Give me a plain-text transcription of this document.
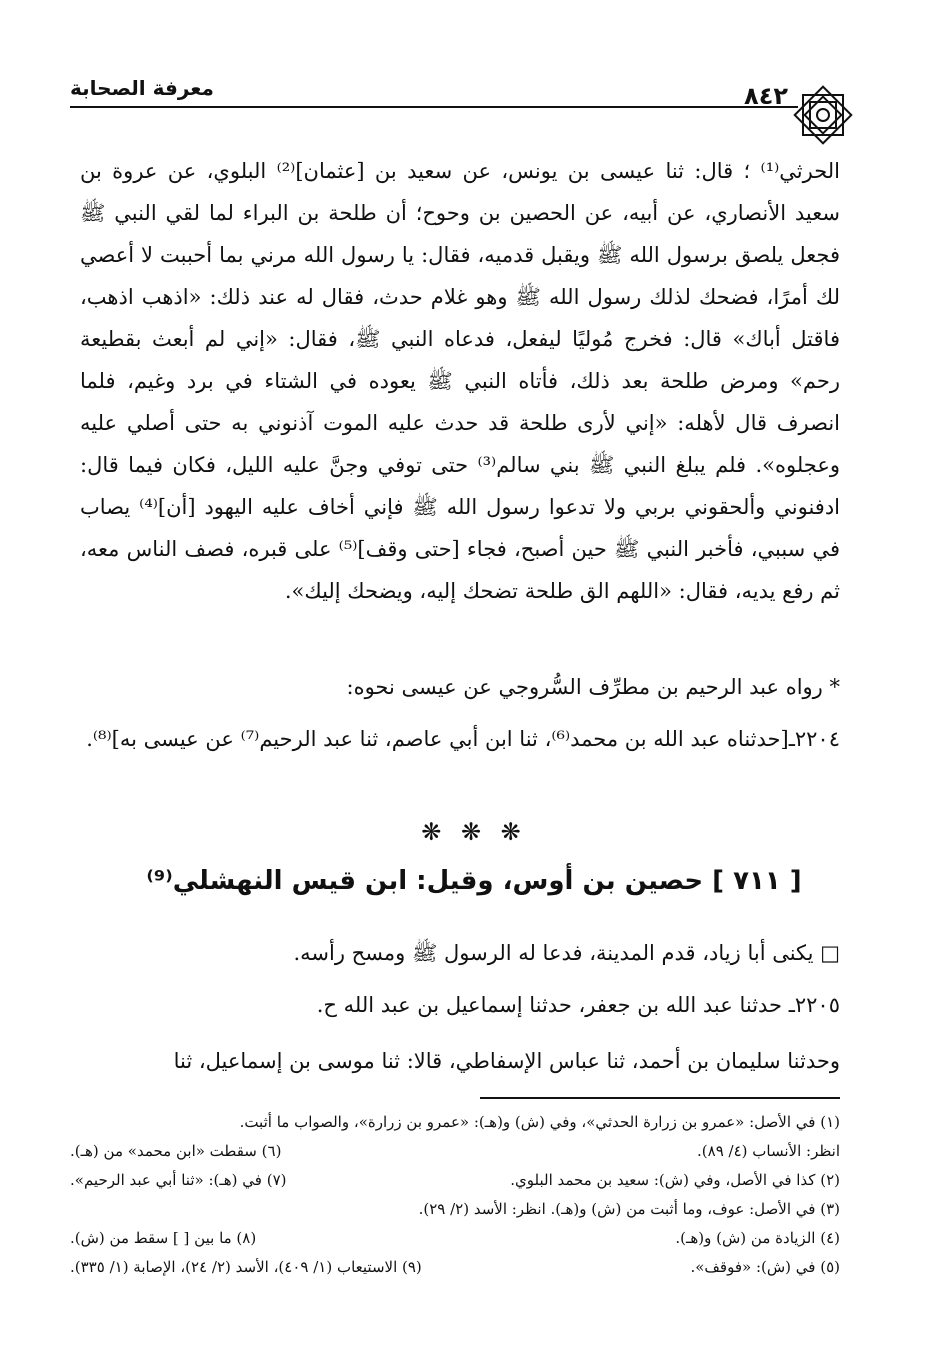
معرفة الصحابة	٨٤٢

الحرثي⁽¹⁾ ؛ قال: ثنا عيسى بن يونس، عن سعيد بن [عثمان]⁽²⁾ البلوي، عن عروة بن سعيد الأنصاري، عن أبيه، عن الحصين بن وحوح؛ أن طلحة بن البراء لما لقي النبي ﷺ فجعل يلصق برسول الله ﷺ ويقبل قدميه، فقال: يا رسول الله مرني بما أحببت لا أعصي لك أمرًا، فضحك لذلك رسول الله ﷺ وهو غلام حدث، فقال له عند ذلك: «اذهب اذهب، فاقتل أباك» قال: فخرج مُوليًا ليفعل، فدعاه النبي ﷺ، فقال: «إني لم أبعث بقطيعة رحم» ومرض طلحة بعد ذلك، فأتاه النبي ﷺ يعوده في الشتاء في برد وغيم، فلما انصرف قال لأهله: «إني لأرى طلحة قد حدث عليه الموت آذنوني به حتى أصلي عليه وعجلوه». فلم يبلغ النبي ﷺ بني سالم⁽³⁾ حتى توفي وجنَّ عليه الليل، فكان فيما قال: ادفنوني وألحقوني بربي ولا تدعوا رسول الله ﷺ فإني أخاف عليه اليهود [أن]⁽⁴⁾ يصاب في سببي، فأخبر النبي ﷺ حين أصبح، فجاء [حتى وقف]⁽⁵⁾ على قبره، فصف الناس معه، ثم رفع يديه، فقال: «اللهم الق طلحة تضحك إليه، ويضحك إليك».

* رواه عبد الرحيم بن مطرِّف السُّروجي عن عيسى نحوه:
٢٢٠٤ـ[حدثناه عبد الله بن محمد⁽⁶⁾، ثنا ابن أبي عاصم، ثنا عبد الرحيم⁽⁷⁾ عن عيسى به]⁽⁸⁾.
❋ ❋ ❋
[ ٧١١ ] حصين بن أوس، وقيل: ابن قيس النهشلي⁽⁹⁾
□ يكنى أبا زياد، قدم المدينة، فدعا له الرسول ﷺ ومسح رأسه.
٢٢٠٥ـ حدثنا عبد الله بن جعفر، حدثنا إسماعيل بن عبد الله ح.
وحدثنا سليمان بن أحمد، ثنا عباس الإسفاطي، قالا: ثنا موسى بن إسماعيل، ثنا
(١) في الأصل: «عمرو بن زرارة الحدثي»، وفي (ش) و(هـ): «عمرو بن زرارة»، والصواب ما أثبت.
انظر: الأنساب (٤/ ٨٩).
(٦) سقطت «ابن محمد» من (هـ).
(٢) كذا في الأصل، وفي (ش): سعيد بن محمد البلوي.
(٧) في (هـ): «ثنا أبي عبد الرحيم».
(٣) في الأصل: عوف، وما أثبت من (ش) و(هـ). انظر: الأسد (٢/ ٢٩).
(٤) الزيادة من (ش) و(هـ).
(٨) ما بين [ ] سقط من (ش).
(٥) في (ش): «فوقف».
(٩) الاستيعاب (١/ ٤٠٩)، الأسد (٢/ ٢٤)، الإصابة (١/ ٣٣٥).
